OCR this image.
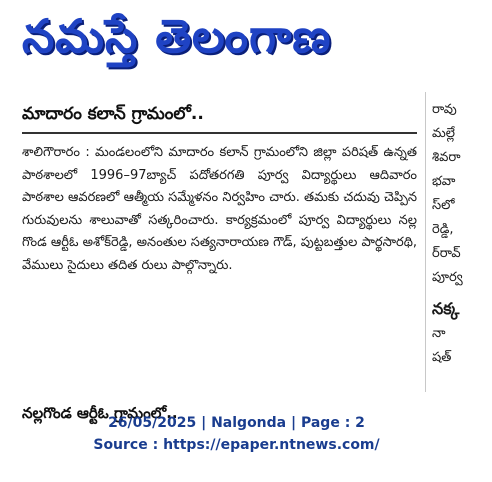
నమస్తే తెలంగాణ
మాదారం కలాన్‌ గ్రామంలో..

శాలిగౌరారం : మండలంలోని మాదారం కలాన్‌ గ్రామంలోని జిల్లా పరిషత్‌ ఉన్నత పాఠశాలలో 1996–97బ్యాచ్‌ పదోతరగతి పూర్వ విద్యార్థులు ఆదివారం పాఠశాల ఆవరణలో ఆత్మీయ సమ్మేళనం నిర్వహిం చారు. తమకు చదువు చెప్పిన గురువులను శాలువాతో సత్కరించారు. కార్యక్రమంలో పూర్వ విద్యార్థులు నల్ల గొండ ఆర్టీఓ అశోక్‌రెడ్డి, అనంతుల సత్యనారాయణ గౌడ్‌, పుట్టబత్తుల పార్థసారథి, వేములు సైదులు తదిత రులు పాల్గొన్నారు.

నల్లగొండ ఆర్టీఓ గ్రామంలో..
రావు
మల్లే
శివరా
భవా
స్‌లో
రెడ్డి,
ర్‌రావ్‌
పూర్వ
నక్క
నా
షత్‌
26/05/2025 | Nalgonda | Page : 2
Source : https://epaper.ntnews.com/
